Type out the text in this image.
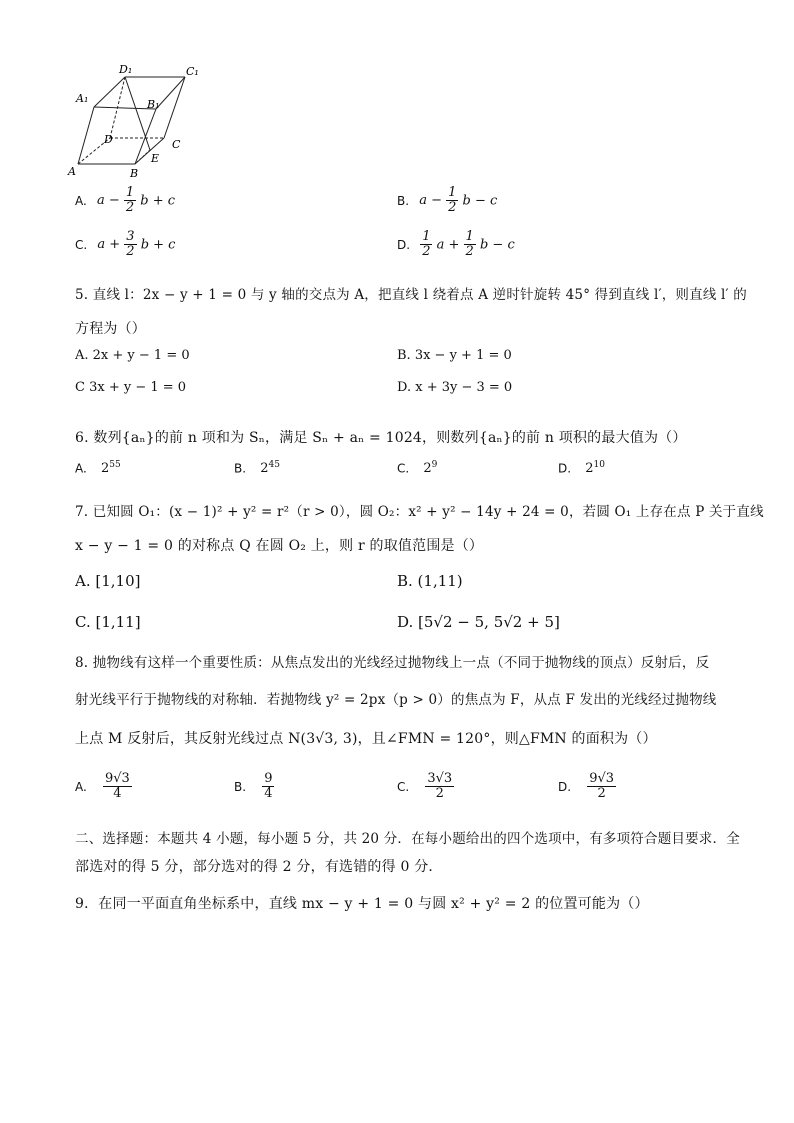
D₁	C₁
A₁	B₁
D	C
A
E
B
A. $a - \frac{1}{2}$ b + c	B. $a - \frac{1}{2}$ b − c
C. $a + \frac{3}{2}$ b + c	D. $\frac{1}{2}$ $a + \frac{1}{2}$ b − c
5. 直线 l：2x − y + 1 = 0 与 y 轴的交点为 A，把直线 l 绕着点 A 逆时针旋转 45° 得到直线 l′，则直线 l′ 的
方程为（）
A. 2x + y − 1 = 0	B. 3x − y + 1 = 0
C 3x + y − 1 = 0	D. x + 3y − 3 = 0
6. 数列{aₙ}的前 n 项和为 Sₙ，满足 Sₙ + aₙ = 1024，则数列{aₙ}的前 n 项积的最大值为（）
A. $2^{55}$	B. $2^{45}$	C. $2^9$	D. $2^{10}$
7. 已知圆 O₁：(x − 1)² + y² = r²（r > 0），圆 O₂：x² + y² − 14y + 24 = 0，若圆 O₁ 上存在点 P 关于直线
x − y − 1 = 0 的对称点 Q 在圆 O₂ 上，则 r 的取值范围是（）
A. [1,10]	B. (1,11)
C. [1,11]	D. [5√2 − 5, 5√2 + 5]
8. 抛物线有这样一个重要性质：从焦点发出的光线经过抛物线上一点（不同于抛物线的顶点）反射后，反
射光线平行于抛物线的对称轴．若抛物线 y² = 2px（p > 0）的焦点为 F，从点 F 发出的光线经过抛物线
上点 M 反射后，其反射光线过点 N(3√3, 3)，且∠FMN = 120°，则△FMN 的面积为（）
A. $\frac{9√3}{4}$	B. $\frac{9}{4}$	C. $\frac{3√3}{2}$	D. $\frac{9√3}{2}$
二、选择题：本题共 4 小题，每小题 5 分，共 20 分．在每小题给出的四个选项中，有多项符合题目要求．全
部选对的得 5 分，部分选对的得 2 分，有选错的得 0 分．
9．在同一平面直角坐标系中，直线 mx − y + 1 = 0 与圆 x² + y² = 2 的位置可能为（）
